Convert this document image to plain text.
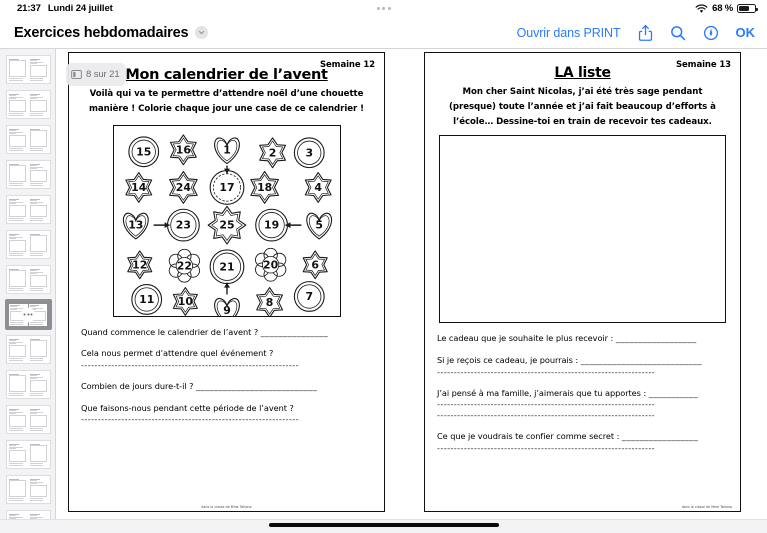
21:37 Lundi 24 juillet	68 %
Exercices hebdomadaires	Ouvrir dans PRINT	OK
Semaine 12
Mon calendrier de l’avent
Voilà qui va te permettre d’attendre noël d’une chouette manière ! Colorie chaque jour une case de ce calendrier !
1	2	3
4
5
6
7
8
9
10
11
12
13
14
15 16
17 18
19
20
21
22
23
24
25
Quand commence le calendrier de l’avent ? _______________
Cela nous permet d’attendre quel événement ?
-----------------------------------------------------------------
Combien de jours dure-t-il ? ___________________________
Que faisons-nous pendant cette période de l’avent ?
-----------------------------------------------------------------
dans la classe de Mme Tatiana
Semaine 13
LA liste
Mon cher Saint Nicolas, j’ai été très sage pendant (presque) toute l’année et j’ai fait beaucoup d’efforts à l’école… Dessine-toi en train de recevoir tes cadeaux.
Le cadeau que je souhaite le plus recevoir : __________________
Si je reçois ce cadeau, je pourrais : ___________________________
-----------------------------------------------------------------
J’ai pensé à ma famille, j’aimerais que tu apportes : ___________
-----------------------------------------------------------------
-----------------------------------------------------------------
Ce que je voudrais te confier comme secret : _________________
-----------------------------------------------------------------
dans la classe de Mme Tatiana
8 sur 21
